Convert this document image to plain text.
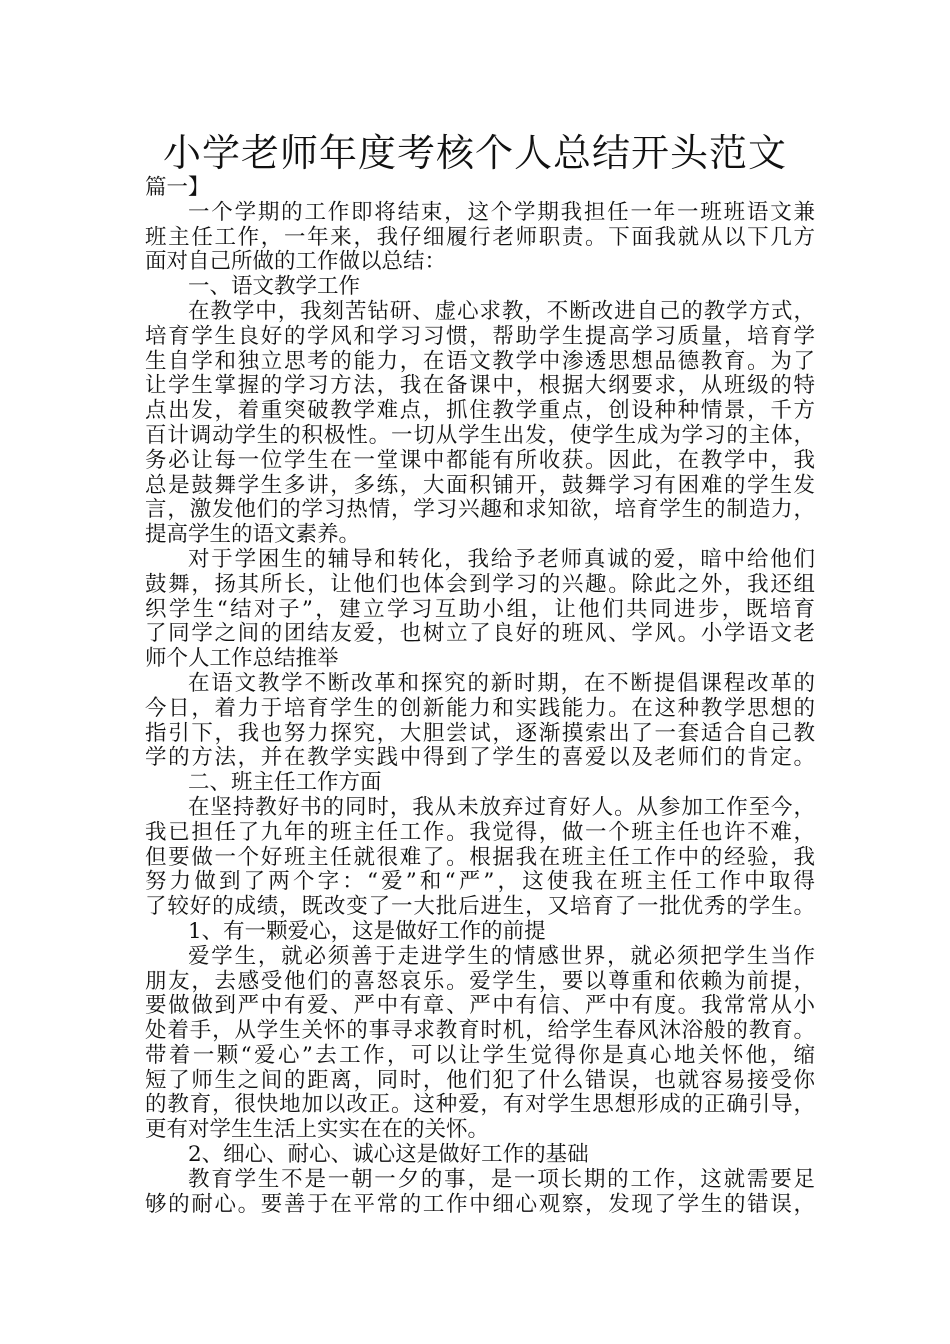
小学老师年度考核个人总结开头范文
篇一】
一个学期的工作即将结束，这个学期我担任一年一班班语文兼
班主任工作，一年来，我仔细履行老师职责。下面我就从以下几方
面对自己所做的工作做以总结：
一、语文教学工作
在教学中，我刻苦钻研、虚心求教，不断改进自己的教学方式，
培育学生良好的学风和学习习惯，帮助学生提高学习质量，培育学
生自学和独立思考的能力，在语文教学中渗透思想品德教育。为了
让学生掌握的学习方法，我在备课中，根据大纲要求，从班级的特
点出发，着重突破教学难点，抓住教学重点，创设种种情景，千方
百计调动学生的积极性。一切从学生出发，使学生成为学习的主体，
务必让每一位学生在一堂课中都能有所收获。因此，在教学中，我
总是鼓舞学生多讲，多练，大面积铺开，鼓舞学习有困难的学生发
言，激发他们的学习热情，学习兴趣和求知欲，培育学生的制造力，
提高学生的语文素养。
对于学困生的辅导和转化，我给予老师真诚的爱，暗中给他们
鼓舞，扬其所长，让他们也体会到学习的兴趣。除此之外，我还组
织学生“结对子”，建立学习互助小组，让他们共同进步，既培育
了同学之间的团结友爱，也树立了良好的班风、学风。小学语文老
师个人工作总结推举
在语文教学不断改革和探究的新时期，在不断提倡课程改革的
今日，着力于培育学生的创新能力和实践能力。在这种教学思想的
指引下，我也努力探究，大胆尝试，逐渐摸索出了一套适合自己教
学的方法，并在教学实践中得到了学生的喜爱以及老师们的肯定。
二、班主任工作方面
在坚持教好书的同时，我从未放弃过育好人。从参加工作至今，
我已担任了九年的班主任工作。我觉得，做一个班主任也许不难，
但要做一个好班主任就很难了。根据我在班主任工作中的经验，我
努力做到了两个字：“爱”和“严”，这使我在班主任工作中取得
了较好的成绩，既改变了一大批后进生，又培育了一批优秀的学生。
1、有一颗爱心，这是做好工作的前提
爱学生，就必须善于走进学生的情感世界，就必须把学生当作
朋友，去感受他们的喜怒哀乐。爱学生，要以尊重和依赖为前提，
要做做到严中有爱、严中有章、严中有信、严中有度。我常常从小
处着手，从学生关怀的事寻求教育时机，给学生春风沐浴般的教育。
带着一颗“爱心”去工作，可以让学生觉得你是真心地关怀他，缩
短了师生之间的距离，同时，他们犯了什么错误，也就容易接受你
的教育，很快地加以改正。这种爱，有对学生思想形成的正确引导，
更有对学生生活上实实在在的关怀。
2、细心、耐心、诚心这是做好工作的基础
教育学生不是一朝一夕的事，是一项长期的工作，这就需要足
够的耐心。要善于在平常的工作中细心观察，发现了学生的错误，
